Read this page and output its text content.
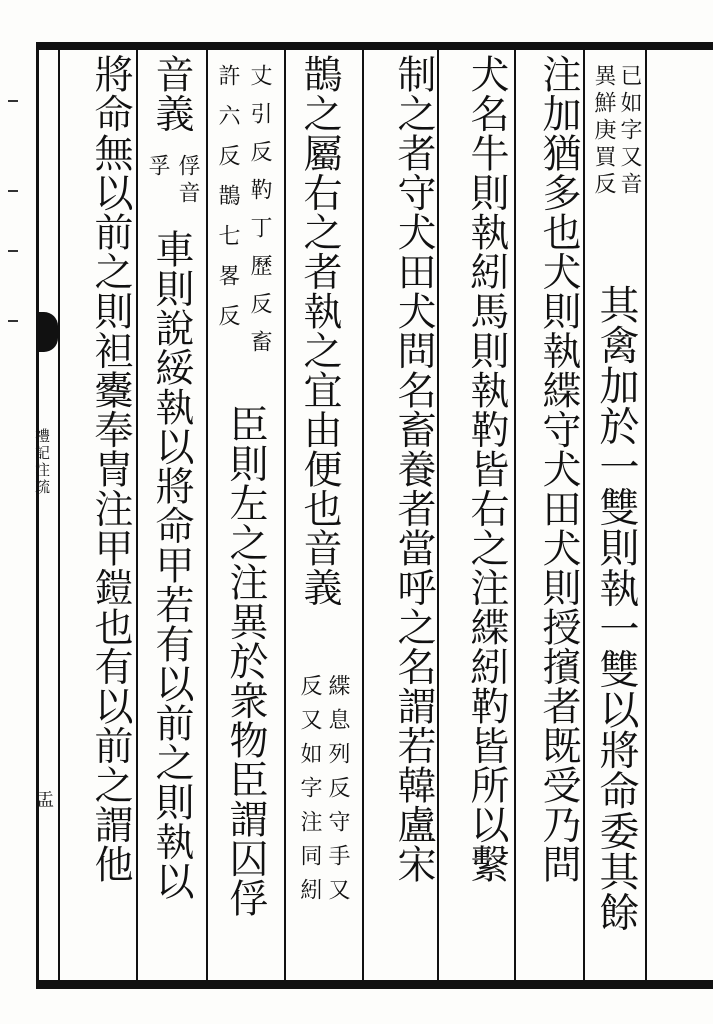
禮記注疏
盂
已如字又音
異鮮庚買反
其禽加於一雙則執一雙以將命委其餘
注加猶多也犬則執緤守犬田犬則授擯者既受乃問
犬名牛則執紖馬則執靮皆右之注緤紖靮皆所以繫
制之者守犬田犬問名畜養者當呼之名謂若韓盧宋
鵲之屬右之者執之宜由便也音義
緤息列反守手又
反又如字注同紖
丈引反靮丁歷反畜
許六反鵲七畧反
臣則左之注異於衆物臣謂囚俘
音義
俘音
孚
車則說綏執以將命甲若有以前之則執以
將命無以前之則袒櫜奉冑注甲鎧也有以前之謂他
